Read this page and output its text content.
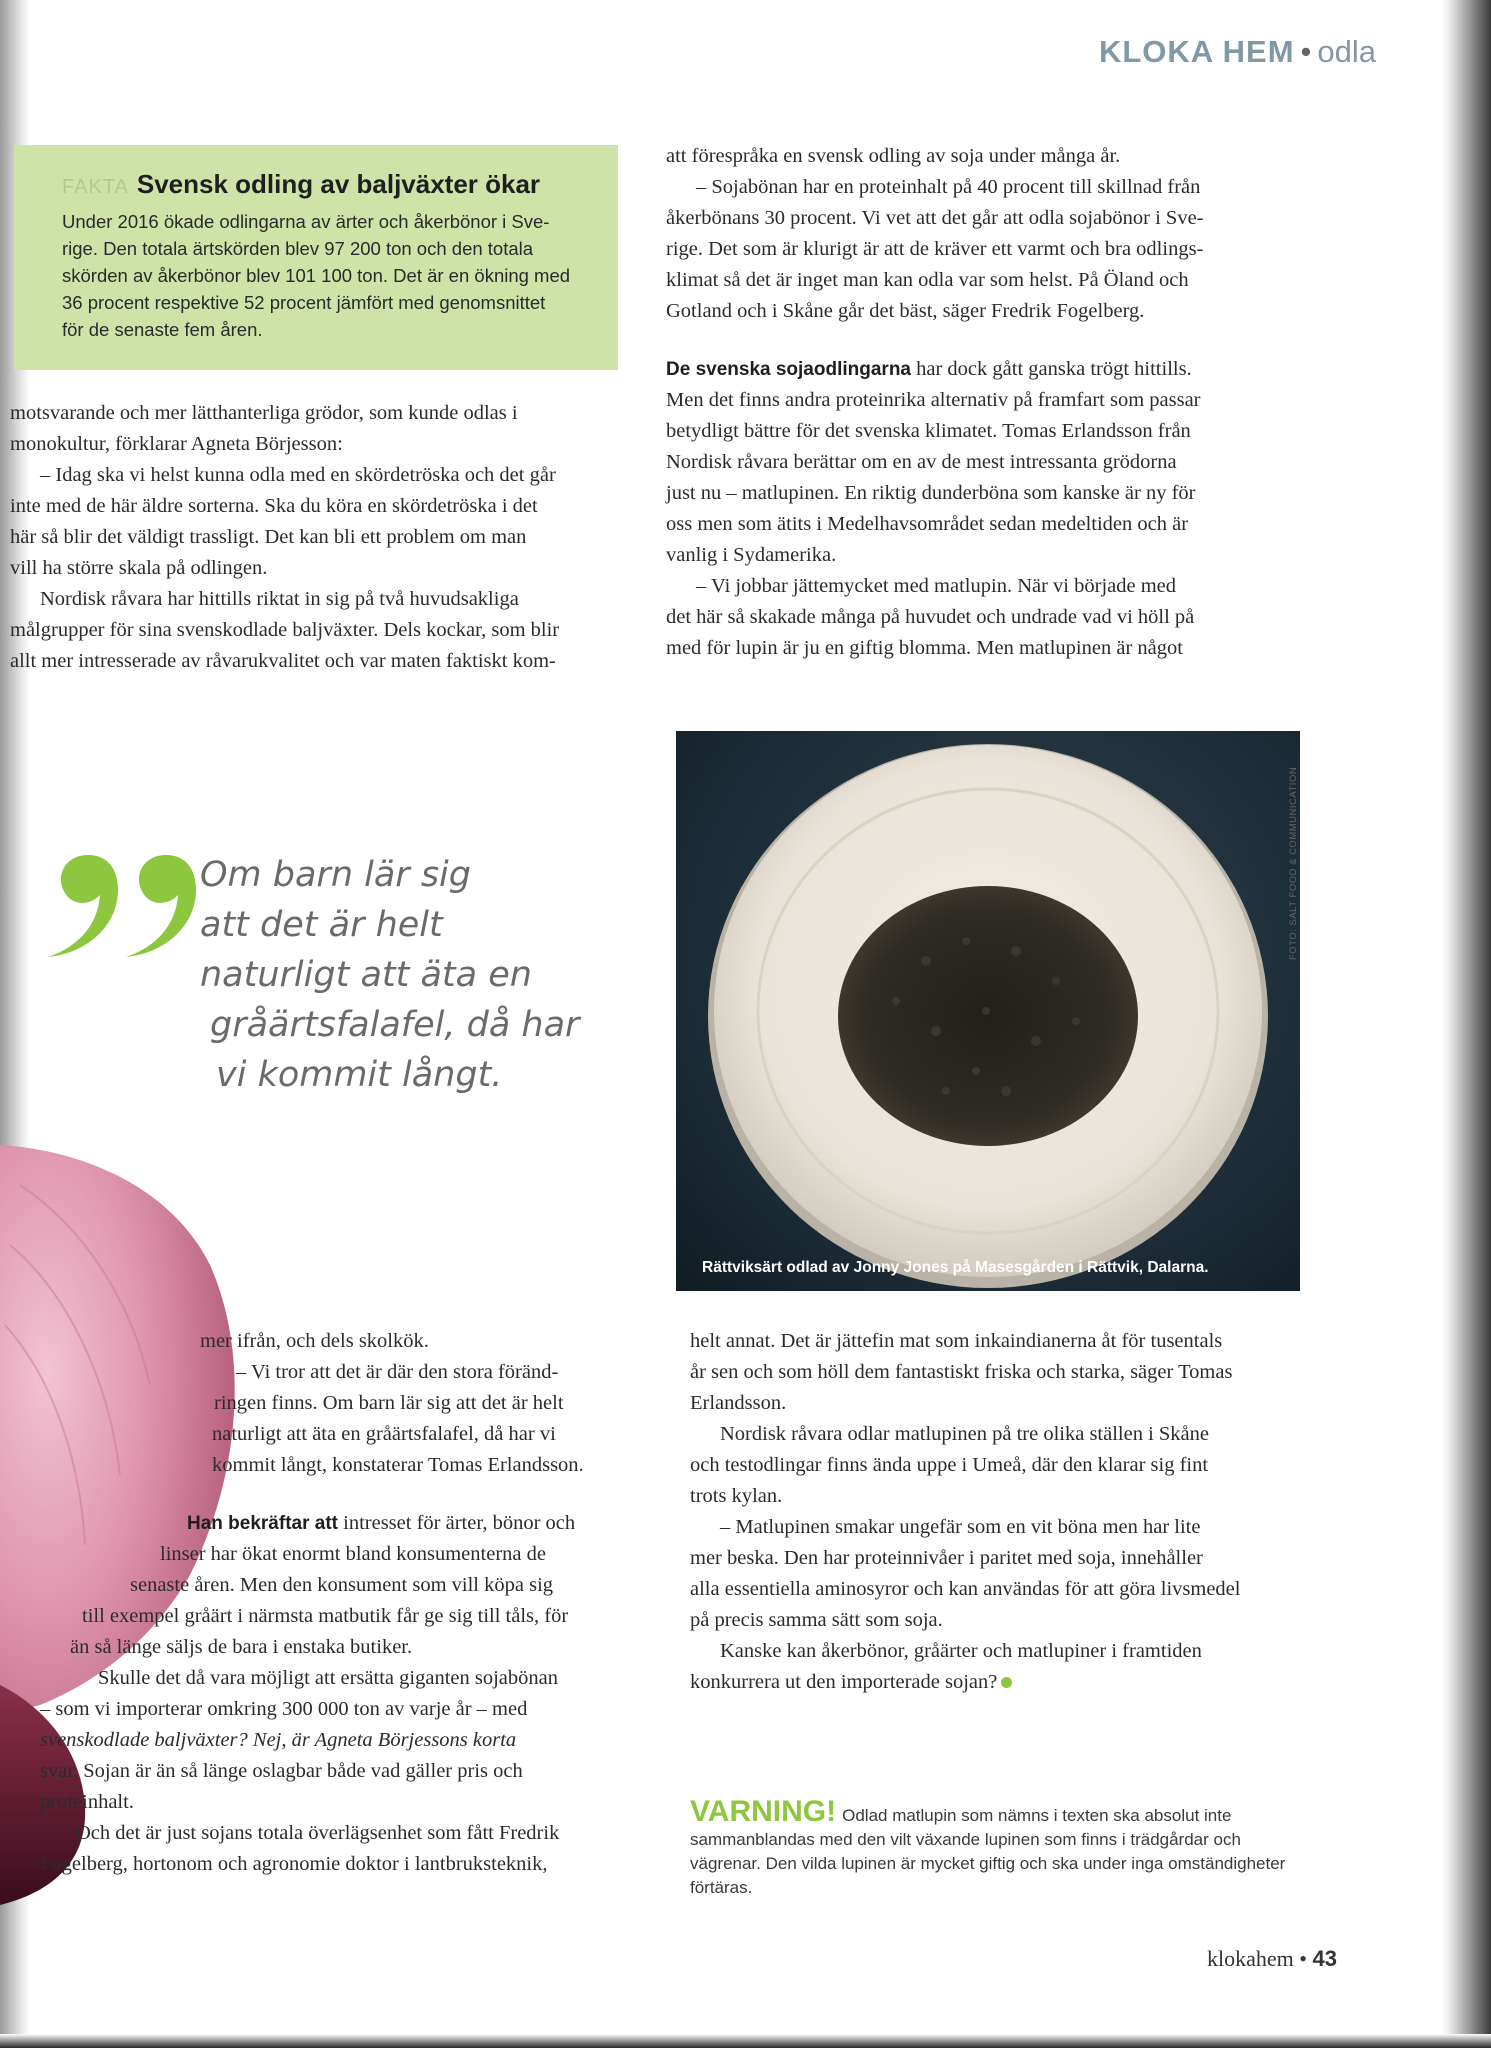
KLOKA HEM • odla
FAKTA Svensk odling av baljväxter ökar
Under 2016 ökade odlingarna av ärter och åkerbönor i Sve-
rige. Den totala ärtskörden blev 97 200 ton och den totala
skörden av åkerbönor blev 101 100 ton. Det är en ökning med
36 procent respektive 52 procent jämfört med genomsnittet
för de senaste fem åren.
motsvarande och mer lätthanterliga grödor, som kunde odlas i
monokultur, förklarar Agneta Börjesson:
– Idag ska vi helst kunna odla med en skördetröska och det går
inte med de här äldre sorterna. Ska du köra en skördetröska i det
här så blir det väldigt trassligt. Det kan bli ett problem om man
vill ha större skala på odlingen.
Nordisk råvara har hittills riktat in sig på två huvudsakliga
målgrupper för sina svenskodlade baljväxter. Dels kockar, som blir
allt mer intresserade av råvarukvalitet och var maten faktiskt kom-
att förespråka en svensk odling av soja under många år.
– Sojabönan har en proteinhalt på 40 procent till skillnad från
åkerbönans 30 procent. Vi vet att det går att odla sojabönor i Sve-
rige. Det som är klurigt är att de kräver ett varmt och bra odlings-
klimat så det är inget man kan odla var som helst. På Öland och
Gotland och i Skåne går det bäst, säger Fredrik Fogelberg.
De svenska sojaodlingarna har dock gått ganska trögt hittills.
Men det finns andra proteinrika alternativ på framfart som passar
betydligt bättre för det svenska klimatet. Tomas Erlandsson från
Nordisk råvara berättar om en av de mest intressanta grödorna
just nu – matlupinen. En riktig dunderböna som kanske är ny för
oss men som ätits i Medelhavsområdet sedan medeltiden och är
vanlig i Sydamerika.
– Vi jobbar jättemycket med matlupin. När vi började med
det här så skakade många på huvudet och undrade vad vi höll på
med för lupin är ju en giftig blomma. Men matlupinen är något
Om barn lär sig
att det är helt
naturligt att äta en
gråärtsfalafel, då har
vi kommit långt.
Rättviksärt odlad av Jonny Jones på Masesgården i Rättvik, Dalarna.
mer ifrån, och dels skolkök.
– Vi tror att det är där den stora föränd-
ringen finns. Om barn lär sig att det är helt
naturligt att äta en gråärtsfalafel, då har vi
kommit långt, konstaterar Tomas Erlandsson.
Han bekräftar att intresset för ärter, bönor och
linser har ökat enormt bland konsumenterna de
senaste åren. Men den konsument som vill köpa sig
till exempel gråärt i närmsta matbutik får ge sig till tåls, för
än så länge säljs de bara i enstaka butiker.
Skulle det då vara möjligt att ersätta giganten sojabönan
– som vi importerar omkring 300 000 ton av varje år – med
svenskodlade baljväxter? Nej, är Agneta Börjessons korta
svar. Sojan är än så länge oslagbar både vad gäller pris och
proteinhalt.
Och det är just sojans totala överlägsenhet som fått Fredrik
Fogelberg, hortonom och agronomie doktor i lantbruksteknik,
helt annat. Det är jättefin mat som inkaindianerna åt för tusentals
år sen och som höll dem fantastiskt friska och starka, säger Tomas
Erlandsson.
Nordisk råvara odlar matlupinen på tre olika ställen i Skåne
och testodlingar finns ända uppe i Umeå, där den klarar sig fint
trots kylan.
– Matlupinen smakar ungefär som en vit böna men har lite
mer beska. Den har proteinnivåer i paritet med soja, innehåller
alla essentiella aminosyror och kan användas för att göra livsmedel
på precis samma sätt som soja.
Kanske kan åkerbönor, gråärter och matlupiner i framtiden
konkurrera ut den importerade sojan?
VARNING! Odlad matlupin som nämns i texten ska absolut inte sammanblandas med den vilt växande lupinen som finns i trädgårdar och vägrenar. Den vilda lupinen är mycket giftig och ska under inga omständigheter förtäras.
klokahem • 43
